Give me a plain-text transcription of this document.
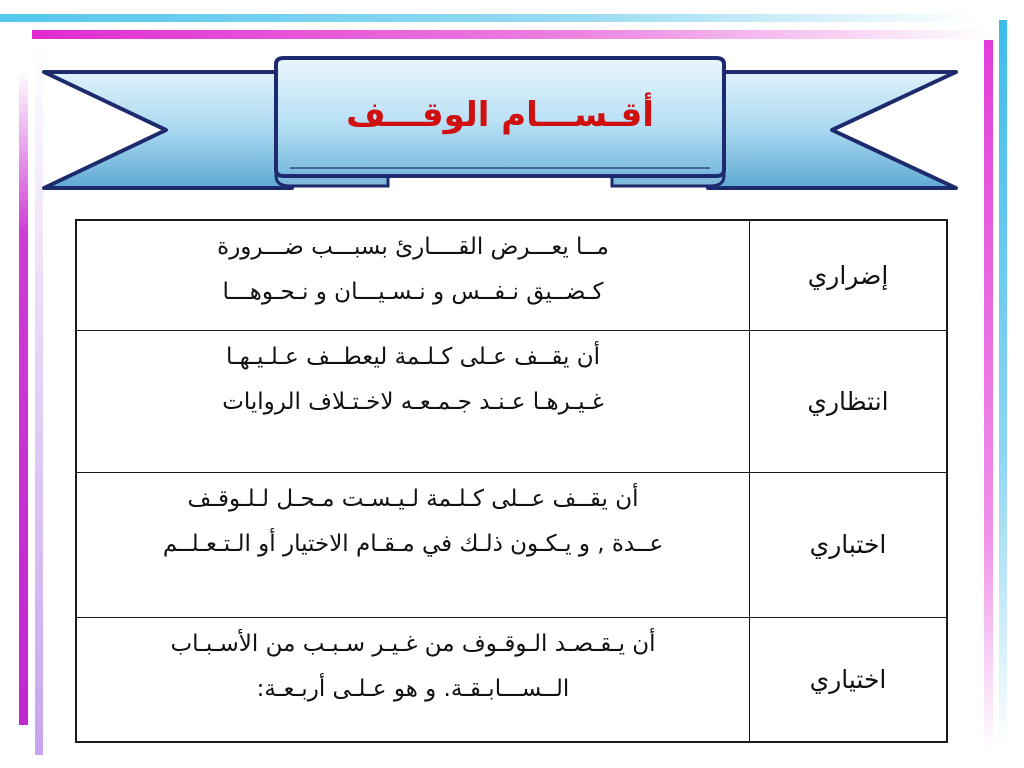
أقـســـام الوقـــف
إضراري	مــا يعـــرض القــــارئ بسبـــب ضـــرورة
كـضــيق نـفــس و نـسـيـــان و نـحـوهـــا

انتظاري	أن يقــف عـلى كـلـمة ليعطــف عـلـيـهـا
غـيـرهـا عـنـد جـمـعـه لاخـتـلاف الروايات

اختباري	أن يقــف عــلى كـلـمة لـيـسـت مـحـل لـلـوقـف
عــدة , و يـكـون ذلـك في مـقـام الاختيار أو الـتـعـلــم

اختياري	أن يـقـصـد الـوقـوف من غـيـر سـبـب من الأسـبـاب
الــســـابـقـة. و هو عـلـى أربـعـة:
